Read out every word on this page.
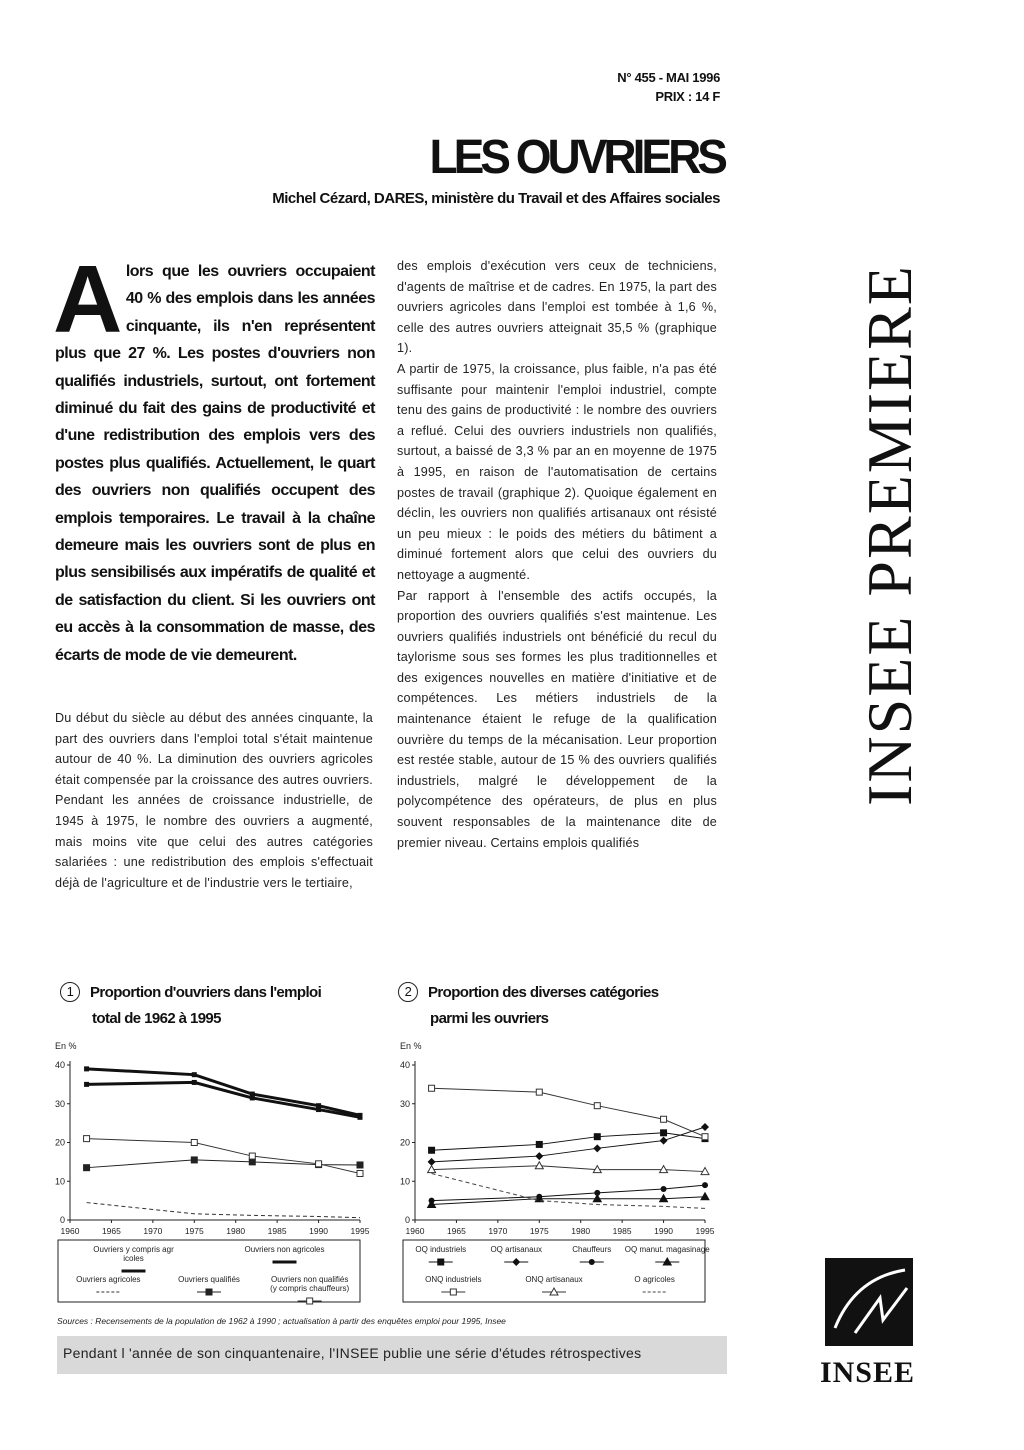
N° 455 - MAI 1996
PRIX : 14 F
LES OUVRIERS
Michel Cézard, DARES, ministère du Travail et des Affaires sociales
INSEE PREMIERE
Alors que les ouvriers occupaient 40 % des emplois dans les années cinquante, ils n'en représentent plus que 27 %. Les postes d'ouvriers non qualifiés industriels, surtout, ont fortement diminué du fait des gains de productivité et d'une redistribution des emplois vers des postes plus qualifiés. Actuellement, le quart des ouvriers non qualifiés occupent des emplois temporaires. Le travail à la chaîne demeure mais les ouvriers sont de plus en plus sensibilisés aux impératifs de qualité et de satisfaction du client. Si les ouvriers ont eu accès à la consommation de masse, des écarts de mode de vie demeurent.
Du début du siècle au début des années cinquante, la part des ouvriers dans l'emploi total s'était maintenue autour de 40 %. La diminution des ouvriers agricoles était compensée par la croissance des autres ouvriers. Pendant les années de croissance industrielle, de 1945 à 1975, le nombre des ouvriers a augmenté, mais moins vite que celui des autres catégories salariées : une redistribution des emplois s'effectuait déjà de l'agriculture et de l'industrie vers le tertiaire,

des emplois d'exécution vers ceux de techniciens, d'agents de maîtrise et de cadres. En 1975, la part des ouvriers agricoles dans l'emploi est tombée à 1,6 %, celle des autres ouvriers atteignait 35,5 % (graphique 1).

A partir de 1975, la croissance, plus faible, n'a pas été suffisante pour maintenir l'emploi industriel, compte tenu des gains de productivité : le nombre des ouvriers a reflué. Celui des ouvriers industriels non qualifiés, surtout, a baissé de 3,3 % par an en moyenne de 1975 à 1995, en raison de l'automatisation de certains postes de travail (graphique 2). Quoique également en déclin, les ouvriers non qualifiés artisanaux ont résisté un peu mieux : le poids des métiers du bâtiment a diminué fortement alors que celui des ouvriers du nettoyage a augmenté.

Par rapport à l'ensemble des actifs occupés, la proportion des ouvriers qualifiés s'est maintenue. Les ouvriers qualifiés industriels ont bénéficié du recul du taylorisme sous ses formes les plus traditionnelles et des exigences nouvelles en matière d'initiative et de compétences. Les métiers industriels de la maintenance étaient le refuge de la qualification ouvrière du temps de la mécanisation. Leur proportion est restée stable, autour de 15 % des ouvriers qualifiés industriels, malgré le développement de la polycompétence des opérateurs, de plus en plus souvent responsables de la maintenance dite de premier niveau. Certains emplois qualifiés

1 Proportion d'ouvriers dans l'emploi
total de 1962 à 1995
2 Proportion des diverses catégories
parmi les ouvriers
En %
0
10
20
30
40
1960	1965	1970	1975	1980	1985	1990	1995
Ouvriers y compris agr
icoles
Ouvriers non agricoles
Ouvriers agricoles	Ouvriers qualifiés	Ouvriers non qualifiés
(y compris chauffeurs)
En %
0
10
20
30
40
1960	1965	1970	1975	1980	1985	1990	1995
OQ industriels	OQ artisanaux	Chauffeurs OQ manut. magasinage
ONQ industriels	ONQ artisanaux	O agricoles
Sources : Recensements de la population de 1962 à 1990 ; actualisation à partir des enquêtes emploi pour 1995, Insee
Pendant l 'année de son cinquantenaire, l'INSEE publie une série d'études rétrospectives
INSEE
